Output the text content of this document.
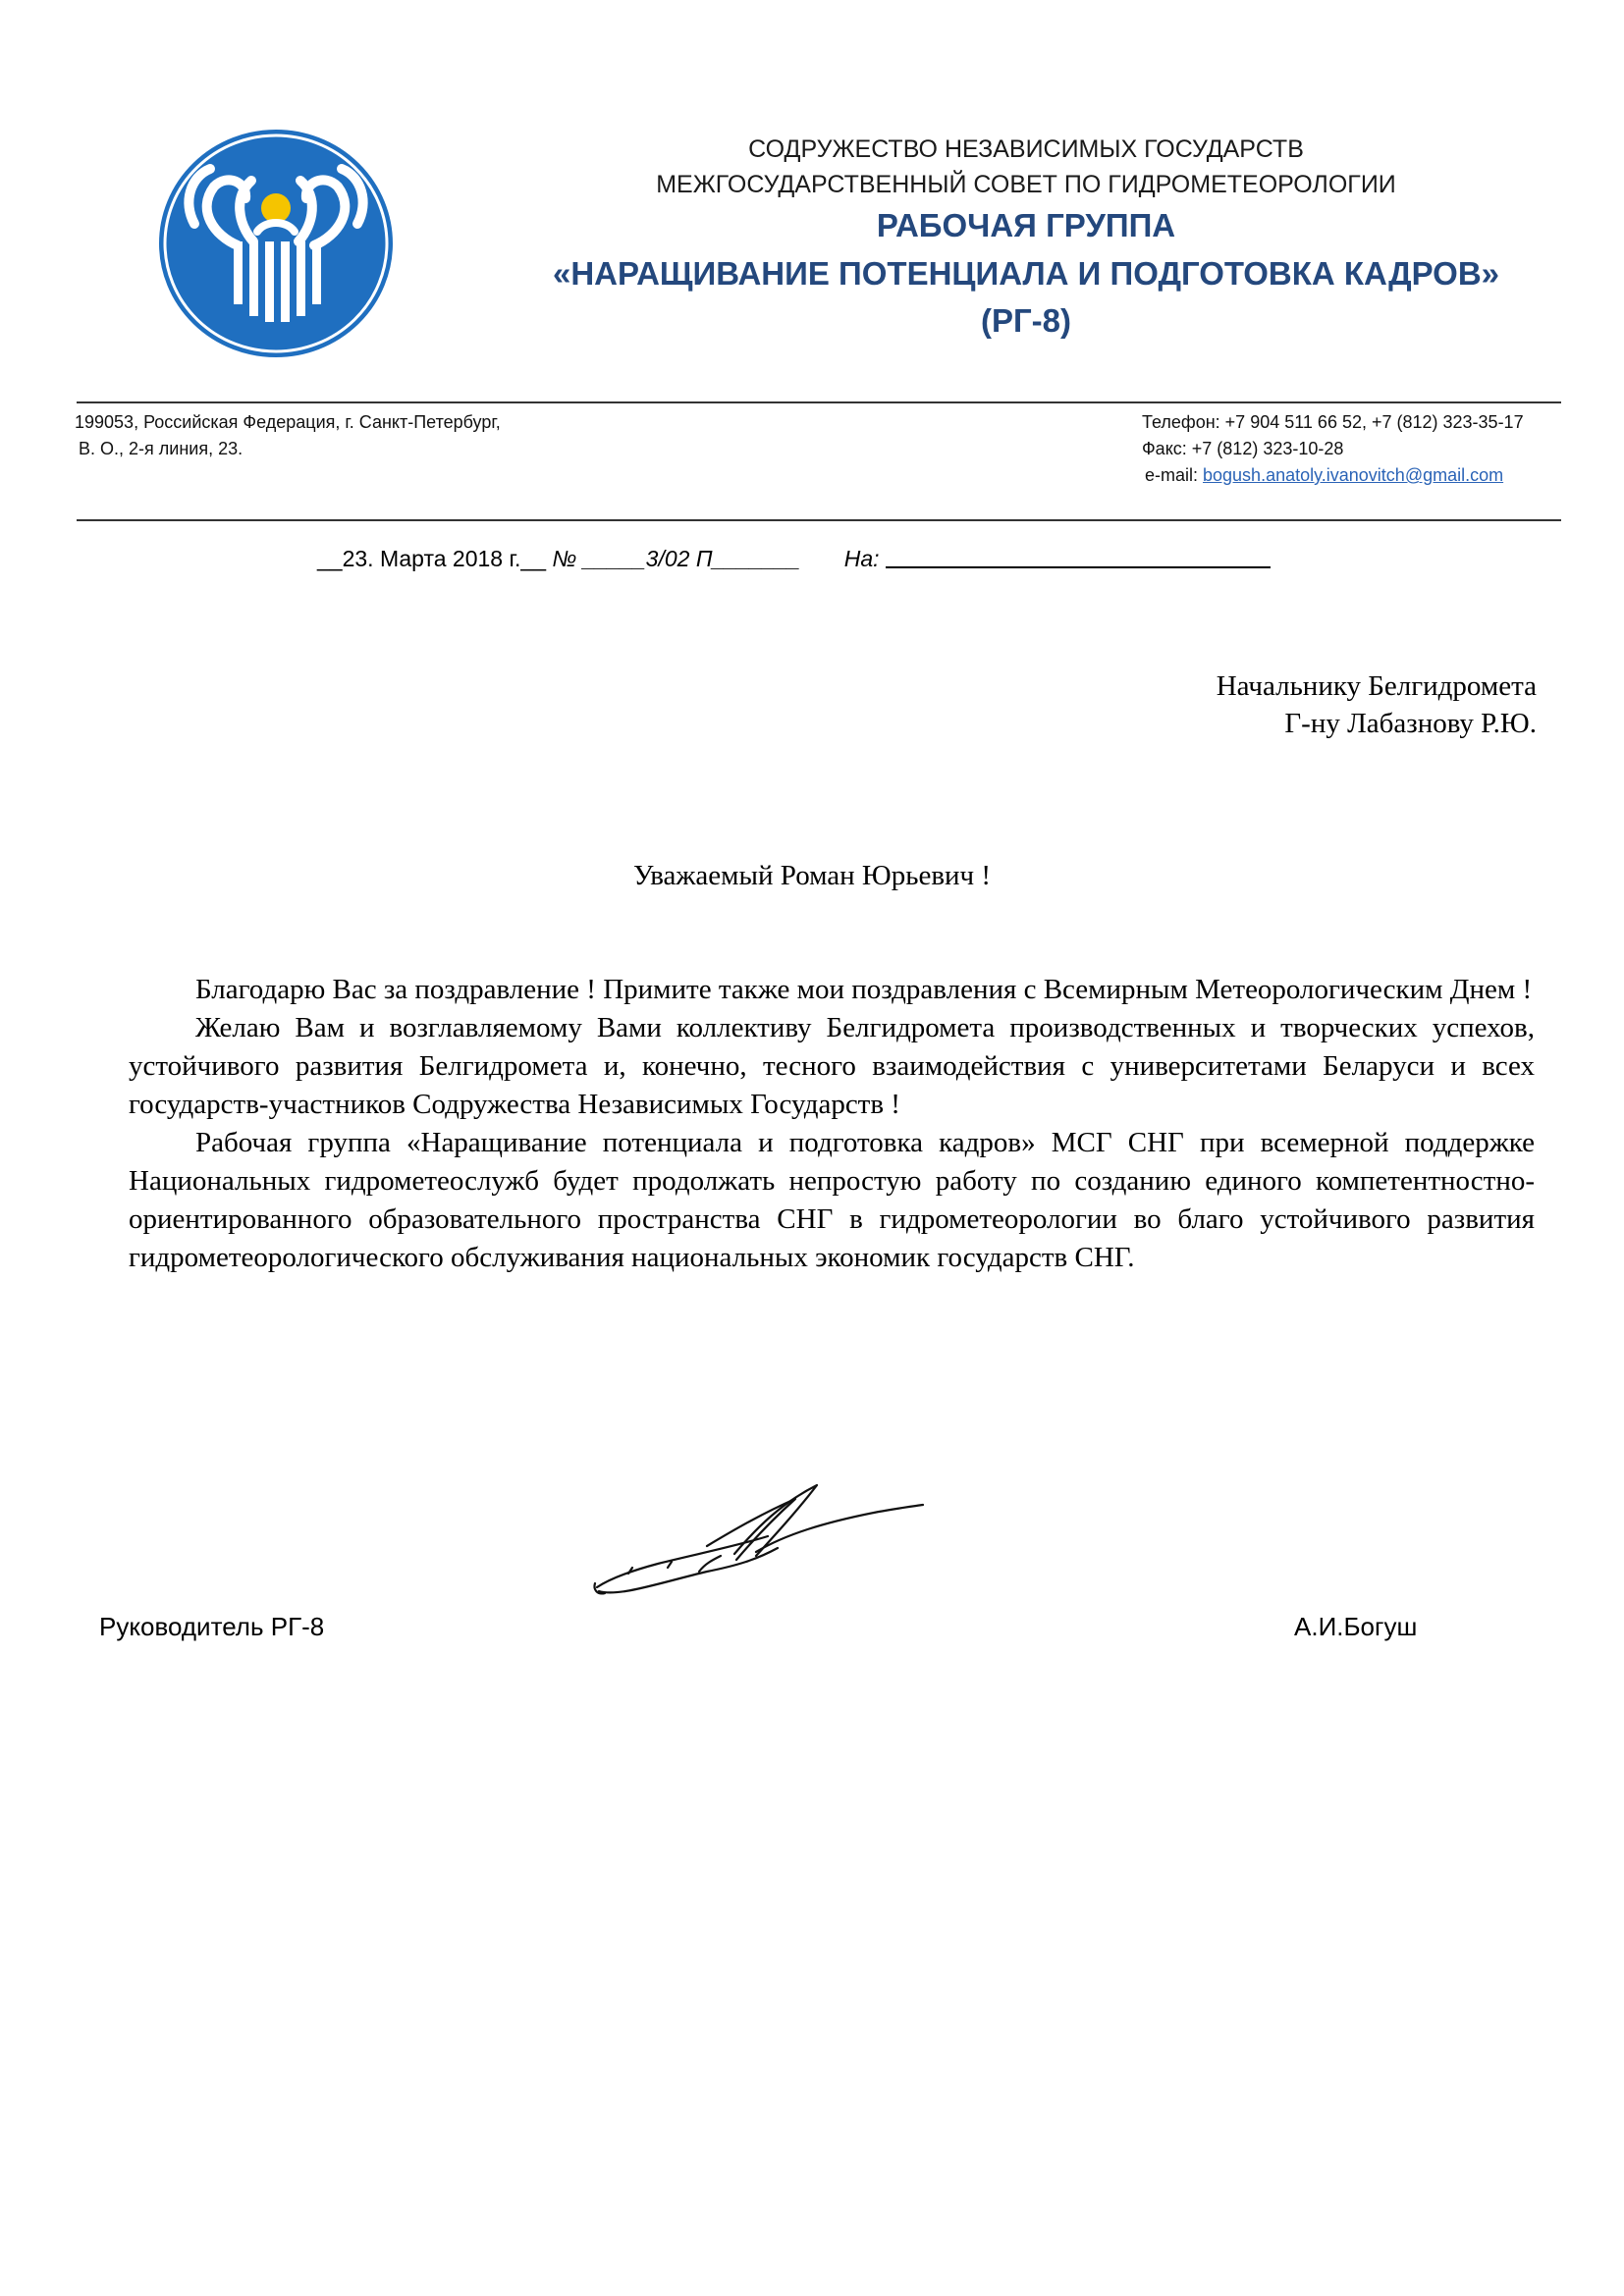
СОДРУЖЕСТВО НЕЗАВИСИМЫХ ГОСУДАРСТВ
МЕЖГОСУДАРСТВЕННЫЙ СОВЕТ ПО ГИДРОМЕТЕОРОЛОГИИ
РАБОЧАЯ ГРУППА
«НАРАЩИВАНИЕ ПОТЕНЦИАЛА И ПОДГОТОВКА КАДРОВ»
(РГ-8)
199053, Российская Федерация, г. Санкт-Петербург,
В. О., 2-я линия, 23.
Телефон: +7 904 511 66 52, +7 (812) 323-35-17
Факс: +7 (812) 323-10-28
e-mail: bogush.anatoly.ivanovitch@gmail.com
__23. Марта 2018 г.__ № _____3/02 П_______ На:
Начальнику Белгидромета
Г-ну Лабазнову Р.Ю.
Уважаемый Роман Юрьевич !

Благодарю Вас за поздравление ! Примите также мои поздравления с Всемирным Метеорологическим Днем !

Желаю Вам и возглавляемому Вами коллективу Белгидромета производственных и творческих успехов, устойчивого развития Белгидромета и, конечно, тесного взаимодействия с университетами Беларуси и всех государств-участников Содружества Независимых Государств !

Рабочая группа «Наращивание потенциала и подготовка кадров» МСГ СНГ при всемерной поддержке Национальных гидрометеослужб будет продолжать непростую работу по созданию единого компетентностно-ориентированного образовательного пространства СНГ в гидрометеорологии во благо устойчивого развития гидрометеорологического обслуживания национальных экономик государств СНГ.

Руководитель РГ-8	А.И.Богуш
